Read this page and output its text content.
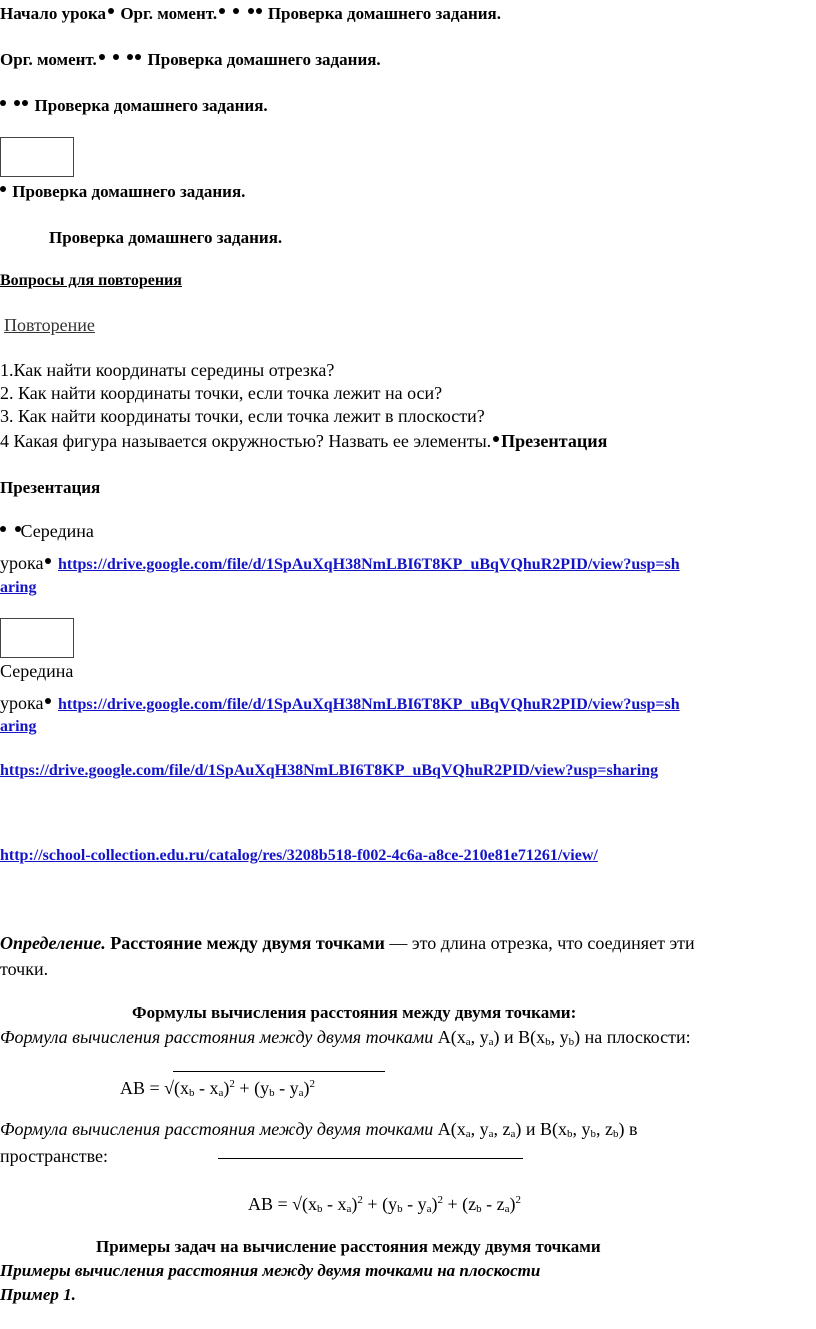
Начало урока Орг. момент.	Проверка домашнего задания.
Орг. момент.	Проверка домашнего задания.
Проверка домашнего задания.
Проверка домашнего задания.
Проверка домашнего задания.
Вопросы для повторения
Повторение
1.Как найти координаты середины отрезка?
2. Как найти координаты точки, если точка лежит на оси?
3. Как найти координаты точки, если точка лежит в плоскости?
4 Какая фигура называется окружностью? Назвать ее элементы. Презентация
Презентация
Середина
урока https://drive.google.com/file/d/1SpAuXqH38NmLBI6T8KP_uBqVQhuR2PID/view?usp=sh
aring
Середина
урока https://drive.google.com/file/d/1SpAuXqH38NmLBI6T8KP_uBqVQhuR2PID/view?usp=sh
aring
https://drive.google.com/file/d/1SpAuXqH38NmLBI6T8KP_uBqVQhuR2PID/view?usp=sharing
http://school-collection.edu.ru/catalog/res/3208b518-f002-4c6a-a8ce-210e81e71261/view/
Определение. Расстояние между двумя точками — это длина отрезка, что соединяет эти
точки.
Формулы вычисления расстояния между двумя точками:
Формула вычисления расстояния между двумя точками $A(x_a$, $y_a$) и $B(x_b$, $y_b$) на плоскости:
AB = $√(x_b - x_a)^2 + (y_b - y_a)^2$
Формула вычисления расстояния между двумя точками $A(x_a$, $y_a$, $z_a$) и $B(x_b$, $y_b$, $z_b$) в
пространстве:
AB = $√(x_b - x_a)^2 + (y_b - y_a)^2 + (z_b - z_a)^2$
Примеры задач на вычисление расстояния между двумя точками
Примеры вычисления расстояния между двумя точками на плоскости
Пример 1.
